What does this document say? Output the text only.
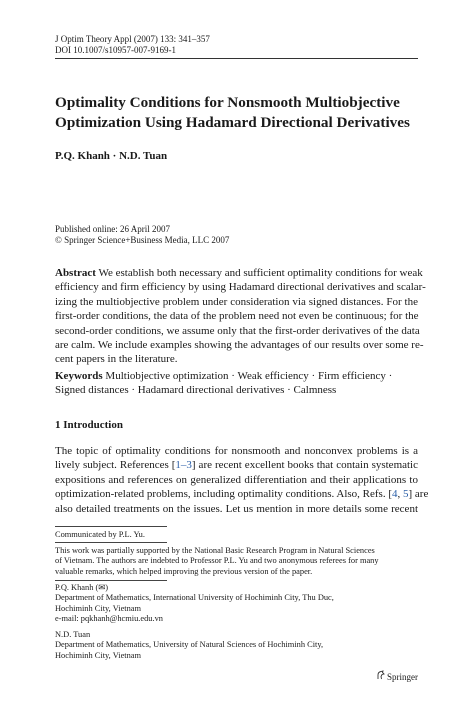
J Optim Theory Appl (2007) 133: 341–357
DOI 10.1007/s10957-007-9169-1
Optimality Conditions for Nonsmooth Multiobjective
Optimization Using Hadamard Directional Derivatives
P.Q. Khanh · N.D. Tuan
Published online: 26 April 2007
© Springer Science+Business Media, LLC 2007
Abstract We establish both necessary and sufficient optimality conditions for weak
efficiency and firm efficiency by using Hadamard directional derivatives and scalar-
izing the multiobjective problem under consideration via signed distances. For the
first-order conditions, the data of the problem need not even be continuous; for the
second-order conditions, we assume only that the first-order derivatives of the data
are calm. We include examples showing the advantages of our results over some re-
cent papers in the literature.
Keywords Multiobjective optimization · Weak efficiency · Firm efficiency ·
Signed distances · Hadamard directional derivatives · Calmness
1 Introduction
The topic of optimality conditions for nonsmooth and nonconvex problems is a
lively subject. References [1–3] are recent excellent books that contain systematic
expositions and references on generalized differentiation and their applications to
optimization-related problems, including optimality conditions. Also, Refs. [4, 5] are
also detailed treatments on the issues. Let us mention in more details some recent
Communicated by P.L. Yu.
This work was partially supported by the National Basic Research Program in Natural Sciences
of Vietnam. The authors are indebted to Professor P.L. Yu and two anonymous referees for many
valuable remarks, which helped improving the previous version of the paper.
P.Q. Khanh (✉)
Department of Mathematics, International University of Hochiminh City, Thu Duc,
Hochiminh City, Vietnam
e-mail: pqkhanh@hcmiu.edu.vn
N.D. Tuan
Department of Mathematics, University of Natural Sciences of Hochiminh City,
Hochiminh City, Vietnam
Springer
